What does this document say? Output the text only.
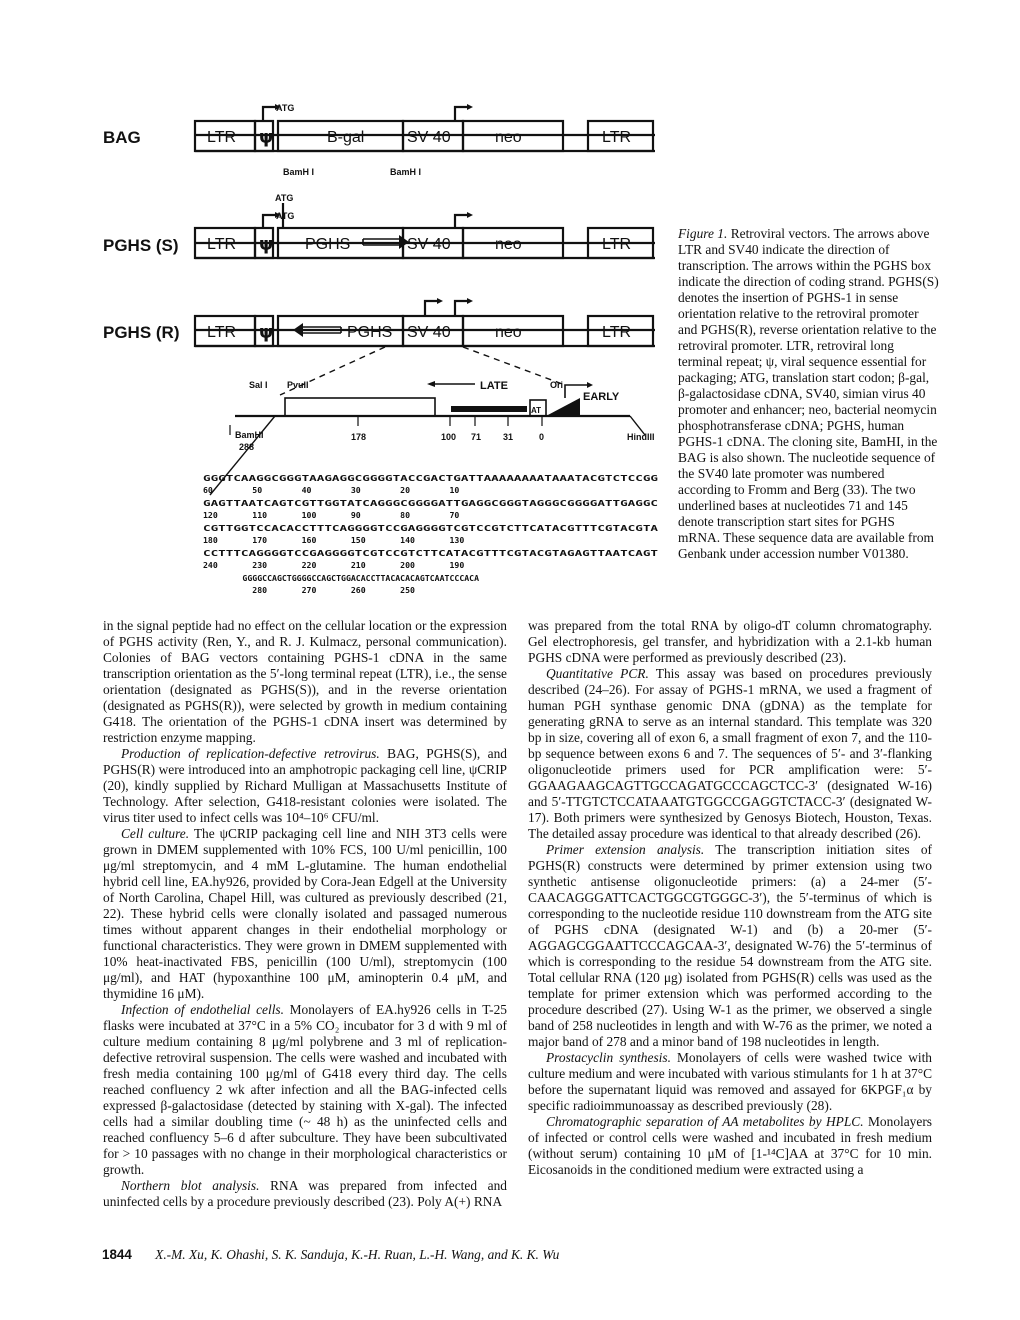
ψ
ψ
ψ
BAG
PGHS (S)
PGHS (R)
LTR	B-gal	SV 40	neo	LTR
LTR	PGHS	SV 40	neo	LTR
LTR	PGHS SV 40	neo	LTR
ATG
BamH I	BamH I
ATG
ATG
Sal I PvuII	Ori
BamHI	HindIII
LATE
EARLY
AT
288
178	100 71 31	0
GGGTCAAGGCGGGTAAGAGGCGGGGTACCGACTGATTAAAAAAAATAAATACGTCTCCGG
60        50        40        30        20        10
GAGTTAATCAGTCGTTGGTATCAGGGCGGGGATTGAGGCGGGTAGGGCGGGGATTGAGGC
120       110       100       90        80        70
CGTTGGTCCACACCTTTCAGGGGTCCGAGGGGTCGTCCGTCTTCATACGTTTCGTACGTA
180       170       160       150       140       130
CCTTTCAGGGGTCCGAGGGGTCGTCCGTCTTCATACGTTTCGTACGTAGAGTTAATCAGT
240       230       220       210       200       190
GGGGCCAGCTGGGGCCAGCTGGACACCTTACACACAGTCAATCCCACA
280       270       260       250

Figure 1. Retroviral vectors. The arrows above LTR and SV40 indicate the direction of transcription. The arrows within the PGHS box indicate the direction of coding strand. PGHS(S) denotes the insertion of PGHS-1 in sense orientation relative to the retroviral promoter and PGHS(R), reverse orientation relative to the retroviral promoter. LTR, retroviral long terminal repeat; ψ, viral sequence essential for packaging; ATG, translation start codon; β-gal, β-galactosidase cDNA, SV40, simian virus 40 promoter and enhancer; neo, bacterial neomycin phosphotransferase cDNA; PGHS, human PGHS-1 cDNA. The cloning site, BamHI, in the BAG is also shown. The nucleotide sequence of the SV40 late promoter was numbered according to Fromm and Berg (33). The two underlined bases at nucleotides 71 and 145 denote transcription start sites for PGHS mRNA. These sequence data are available from Genbank under accession number V01380.

in the signal peptide had no effect on the cellular location or the expression of PGHS activity (Ren, Y., and R. J. Kulmacz, personal communication). Colonies of BAG vectors containing PGHS-1 cDNA in the same transcription orientation as the 5′-long terminal repeat (LTR), i.e., the sense orientation (designated as PGHS(S)), and in the reverse orientation (designated as PGHS(R)), were selected by growth in medium containing G418. The orientation of the PGHS-1 cDNA insert was determined by restriction enzyme mapping.

Production of replication-defective retrovirus. BAG, PGHS(S), and PGHS(R) were introduced into an amphotropic packaging cell line, ψCRIP (20), kindly supplied by Richard Mulligan at Massachusetts Institute of Technology. After selection, G418-resistant colonies were isolated. The virus titer used to infect cells was 10⁴–10⁶ CFU/ml.

Cell culture. The ψCRIP packaging cell line and NIH 3T3 cells were grown in DMEM supplemented with 10% FCS, 100 U/ml penicillin, 100 μg/ml streptomycin, and 4 mM L-glutamine. The human endothelial hybrid cell line, EA.hy926, provided by Cora-Jean Edgell at the University of North Carolina, Chapel Hill, was cultured as previously described (21, 22). These hybrid cells were clonally isolated and passaged numerous times without apparent changes in their endothelial morphology or functional characteristics. They were grown in DMEM supplemented with 10% heat-inactivated FBS, penicillin (100 U/ml), streptomycin (100 μg/ml), and HAT (hypoxanthine 100 μM, aminopterin 0.4 μM, and thymidine 16 μM).

Infection of endothelial cells. Monolayers of EA.hy926 cells in T-25 flasks were incubated at 37°C in a 5% CO₂ incubator for 3 d with 9 ml of culture medium containing 8 μg/ml polybrene and 3 ml of replication-defective retroviral suspension. The cells were washed and incubated with fresh media containing 100 μg/ml of G418 every third day. The cells reached confluency 2 wk after infection and all the BAG-infected cells expressed β-galactosidase (detected by staining with X-gal). The infected cells had a similar doubling time (~ 48 h) as the uninfected cells and reached confluency 5–6 d after subculture. They have been subcultivated for > 10 passages with no change in their morphological characteristics or growth.

Northern blot analysis. RNA was prepared from infected and uninfected cells by a procedure previously described (23). Poly A(+) RNA

was prepared from the total RNA by oligo-dT column chromatography. Gel electrophoresis, gel transfer, and hybridization with a 2.1-kb human PGHS cDNA were performed as previously described (23).

Quantitative PCR. This assay was based on procedures previously described (24–26). For assay of PGHS-1 mRNA, we used a fragment of human PGH synthase genomic DNA (gDNA) as the template for generating gRNA to serve as an internal standard. This template was 320 bp in size, covering all of exon 6, a small fragment of exon 7, and the 110-bp sequence between exons 6 and 7. The sequences of 5′- and 3′-flanking oligonucleotide primers used for PCR amplification were: 5′-GGAAGAAGCAGTTGCCAGATGCCCAGCTCC-3′ (designated W-16) and 5′-TTGTCTCCATAAATGTGGCCGAGGTCTACC-3′ (designated W-17). Both primers were synthesized by Genosys Biotech, Houston, Texas. The detailed assay procedure was identical to that already described (26).

Primer extension analysis. The transcription initiation sites of PGHS(R) constructs were determined by primer extension using two synthetic antisense oligonucleotide primers: (a) a 24-mer (5′-CAACAGGGATTCACTGGCGTGGGC-3′), the 5′-terminus of which is corresponding to the nucleotide residue 110 downstream from the ATG site of PGHS cDNA (designated W-1) and (b) a 20-mer (5′-AGGAGCGGAATTCCCAGCAA-3′, designated W-76) the 5′-terminus of which is corresponding to the residue 54 downstream from the ATG site. Total cellular RNA (120 μg) isolated from PGHS(R) cells was used as the template for primer extension which was performed according to the procedure described (27). Using W-1 as the primer, we observed a single band of 258 nucleotides in length and with W-76 as the primer, we noted a major band of 278 and a minor band of 198 nucleotides in length.

Prostacyclin synthesis. Monolayers of cells were washed twice with culture medium and were incubated with various stimulants for 1 h at 37°C before the supernatant liquid was removed and assayed for 6KPGF₁α by specific radioimmunoassay as described previously (28).

Chromatographic separation of AA metabolites by HPLC. Monolayers of infected or control cells were washed and incubated in fresh medium (without serum) containing 10 μM of [1-¹⁴C]AA at 37°C for 10 min. Eicosanoids in the conditioned medium were extracted using a

1844 X.-M. Xu, K. Ohashi, S. K. Sanduja, K.-H. Ruan, L.-H. Wang, and K. K. Wu
